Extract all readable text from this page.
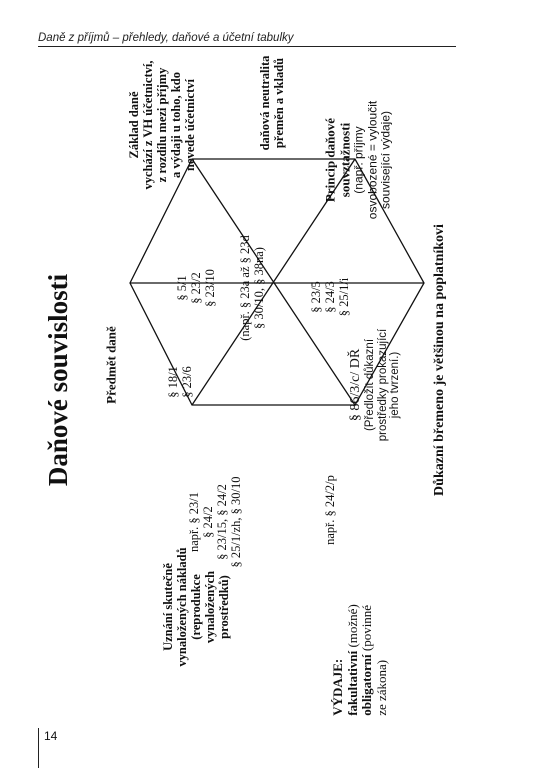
Daně z příjmů – přehledy, daňové a účetní tabulky
Daňové souvislosti Předmět daně	Důkazní břemeno je většinou na poplatníkovi
Základ daně vychází z VH účetnictví, z rozdílu mezi příjmy a výdaji u toho, kdo nevede účetnictví	daňová neutralita přeměn a vkladů
Princip daňové souvztažnosti (např. příjmy osvobozené = vyloučit související výdaje)
Uznání skutečně vynaložených nákladů (reprodukce vynaložených prostředků)
VÝDAJE: fakultativní (možné)
obligatorní (povinné
ze zákona)
§ 18/1 § 23/6
§ 5/1 § 23/2 § 23/10 (např. § 23a až § 23d § 30/10, § 38na)
např. § 23/1 § 24/2 § 23/15, § 24/2 § 25/1/zh, § 30/10	např. § 24/2/p
§ 23/5 § 24/3 § 25/1/i
§ 86/3/c/ DŘ (Předložit důkazní prostředky prokazující jeho tvrzení.)
14
